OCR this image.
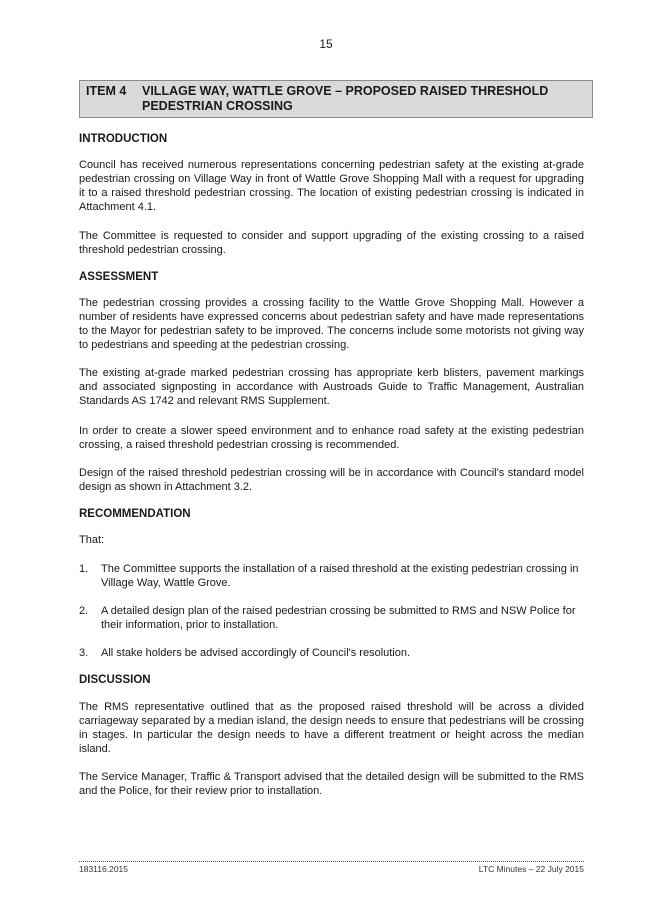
15
ITEM 4 VILLAGE WAY, WATTLE GROVE – PROPOSED RAISED THRESHOLD PEDESTRIAN CROSSING
INTRODUCTION
Council has received numerous representations concerning pedestrian safety at the existing at-grade pedestrian crossing on Village Way in front of Wattle Grove Shopping Mall with a request for upgrading it to a raised threshold pedestrian crossing. The location of existing pedestrian crossing is indicated in Attachment 4.1.
The Committee is requested to consider and support upgrading of the existing crossing to a raised threshold pedestrian crossing.
ASSESSMENT
The pedestrian crossing provides a crossing facility to the Wattle Grove Shopping Mall. However a number of residents have expressed concerns about pedestrian safety and have made representations to the Mayor for pedestrian safety to be improved. The concerns include some motorists not giving way to pedestrians and speeding at the pedestrian crossing.
The existing at-grade marked pedestrian crossing has appropriate kerb blisters, pavement markings and associated signposting in accordance with Austroads Guide to Traffic Management, Australian Standards AS 1742 and relevant RMS Supplement.
In order to create a slower speed environment and to enhance road safety at the existing pedestrian crossing, a raised threshold pedestrian crossing is recommended.
Design of the raised threshold pedestrian crossing will be in accordance with Council's standard model design as shown in Attachment 3.2.
RECOMMENDATION
That:
1. The Committee supports the installation of a raised threshold at the existing pedestrian crossing in Village Way, Wattle Grove.
2. A detailed design plan of the raised pedestrian crossing be submitted to RMS and NSW Police for their information, prior to installation.
3. All stake holders be advised accordingly of Council's resolution.
DISCUSSION
The RMS representative outlined that as the proposed raised threshold will be across a divided carriageway separated by a median island, the design needs to ensure that pedestrians will be crossing in stages. In particular the design needs to have a different treatment or height across the median island.
The Service Manager, Traffic & Transport advised that the detailed design will be submitted to the RMS and the Police, for their review prior to installation.
183116.2015	LTC Minutes – 22 July 2015
